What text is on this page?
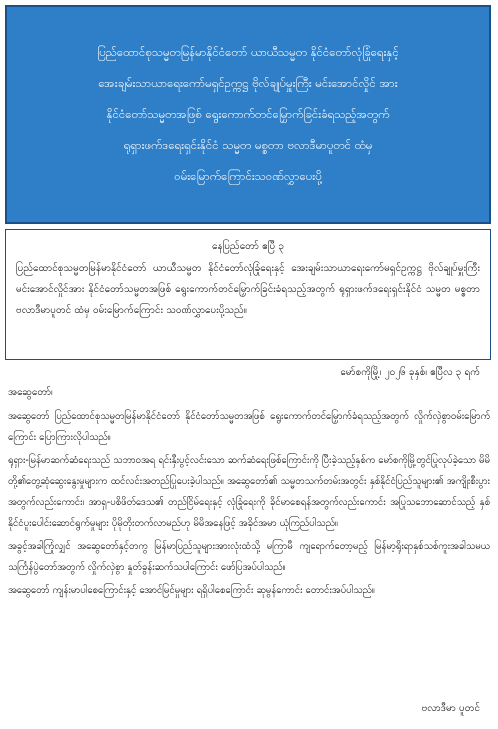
ပြည်ထောင်စုသမ္မတမြန်မာနိုင်ငံတော် ယာယီသမ္မတ နိုင်ငံတော်လုံခြုံရေးနှင့်
အေးချမ်းသာယာရေးကော်မရှင်ဥက္ကဋ္ဌ ဗိုလ်ချုပ်မှူးကြီး မင်းအောင်လှိုင် အား
နိုင်ငံတော်သမ္မတအဖြစ် ရွေးကောက်တင်မြှောက်ခြင်းခံရသည့်အတွက်
ရုရှားဖက်ဒရေးရှင်းနိုင်ငံ သမ္မတ မစ္စတာ ဗလာဒီမာပူတင် ထံမှ
ဝမ်းမြောက်ကြောင်းသဝဏ်လွှာပေးပို့
နေပြည်တော် ဧပြီ ၃
ပြည်ထောင်စုသမ္မတမြန်မာနိုင်ငံတော် ယာယီသမ္မတ နိုင်ငံတော်လုံခြုံရေးနှင့် အေးချမ်းသာယာရေးကော်မရှင်ဥက္ကဋ္ဌ ဗိုလ်ချုပ်မှူးကြီး မင်းအောင်လှိုင်အား နိုင်ငံတော်သမ္မတအဖြစ် ရွေးကောက်တင်မြှောက်ခြင်းခံရသည့်အတွက် ရုရှားဖက်ဒရေးရှင်းနိုင်ငံ သမ္မတ မစ္စတာ ဗလာဒီမာပူတင် ထံမှ ဝမ်းမြောက်ကြောင်း သဝဏ်လွှာပေးပို့သည်။
မော်စကိုမြို့၊ ၂၀၂၆ ခုနှစ်၊ ဧပြီလ ၃ ရက်
အဆွေတော်၊

အဆွေတော် ပြည်ထောင်စုသမ္မတမြန်မာနိုင်ငံတော် နိုင်ငံတော်သမ္မတအဖြစ် ရွေးကောက်တင်မြှောက်ခံရသည့်အတွက် လှိုက်လှဲစွာဝမ်းမြောက်ကြောင်း ပြောကြားလိုပါသည်။

ရုရှား-မြန်မာဆက်ဆံရေးသည် သဘာဝအရ ရင်းနှီးပွင့်လင်းသော ဆက်ဆံရေးဖြစ်ကြောင်းကို ပြီးခဲ့သည့်နှစ်က မော်စကိုမြို့တွင်ပြုလုပ်ခဲ့သော မိမိတို့၏တွေ့ဆုံဆွေးနွေးမှုများက ထင်လင်းအတည်ပြုပေးခဲ့ပါသည်။ အဆွေတော်၏ သမ္မတသက်တမ်းအတွင်း နှစ်နိုင်ငံပြည်သူများ၏ အကျိုးစီးပွားအတွက်လည်းကောင်း၊ အာရှ-ပစိဖိတ်ဒေသ၏ တည်ငြိမ်ရေးနှင့် လုံခြုံရေးကို ခိုင်မာစေရန်အတွက်လည်းကောင်း အပြုသဘောဆောင်သည့် နှစ်နိုင်ငံပူးပေါင်းဆောင်ရွက်မှုများ ပိုမိုတိုးတက်လာမည်ဟု မိမိအနေဖြင့် အခိုင်အမာ ယုံကြည်ပါသည်။

အခွင့်အခါကြုံလျှင် အဆွေတော်နှင့်တကွ မြန်မာပြည်သူများအားလုံးထံသို့ မကြာမီ ကျရောက်တော့မည့် မြန်မာ့ရိုးရာနှစ်သစ်ကူးအခါသမယ သင်္ကြန်ပွဲတော်အတွက် လှိုက်လှဲစွာ နှုတ်ခွန်းဆက်သပါကြောင်း ဖော်ပြအပ်ပါသည်။

အဆွေတော် ကျန်းမာပါစေကြောင်းနှင့် အောင်မြင်မှုများ ရရှိပါစေကြောင်း ဆုမွန်ကောင်း တောင်းအပ်ပါသည်။

ဗလာဒီမာ ပူတင်
